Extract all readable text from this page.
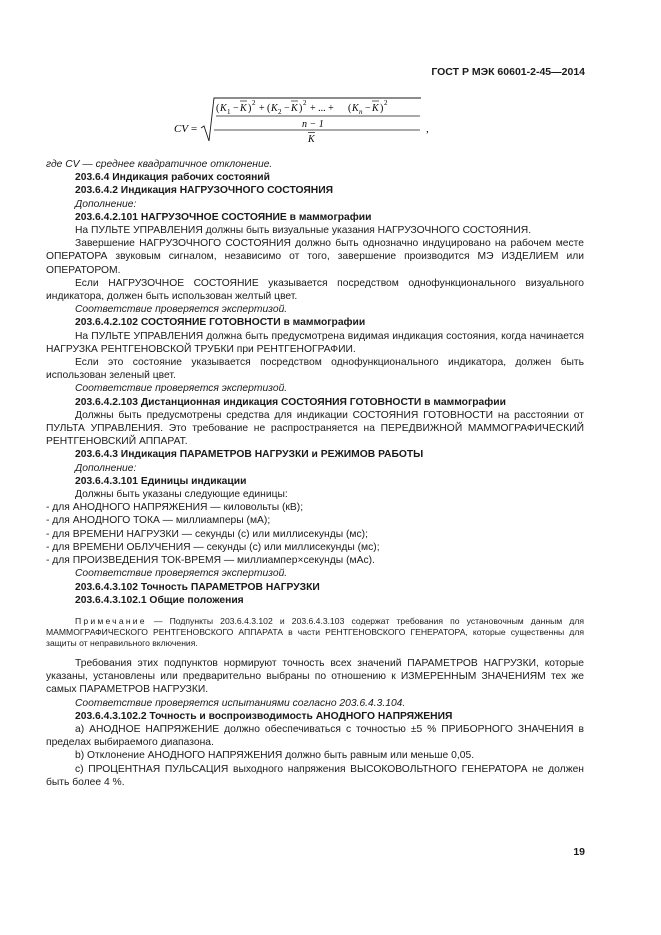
ГОСТ Р МЭК 60601-2-45—2014
CV =
( K 1 − K ) 2 + ( K 2 − K ) 2 + ... + ( K n − K ) 2
n − 1
K
,

где CV — среднее квадратичное отклонение.

203.6.4 Индикация рабочих состояний

203.6.4.2 Индикация НАГРУЗОЧНОГО СОСТОЯНИЯ

Дополнение:

203.6.4.2.101 НАГРУЗОЧНОЕ СОСТОЯНИЕ в маммографии

На ПУЛЬТЕ УПРАВЛЕНИЯ должны быть визуальные указания НАГРУЗОЧНОГО СОСТОЯНИЯ.

Завершение НАГРУЗОЧНОГО СОСТОЯНИЯ должно быть однозначно индуцировано на рабочем месте ОПЕРАТОРА звуковым сигналом, независимо от того, завершение производится МЭ ИЗДЕЛИЕМ или ОПЕРАТОРОМ.

Если НАГРУЗОЧНОЕ СОСТОЯНИЕ указывается посредством однофункционального визуального индикатора, должен быть использован желтый цвет.

Соответствие проверяется экспертизой.

203.6.4.2.102 СОСТОЯНИЕ ГОТОВНОСТИ в маммографии

На ПУЛЬТЕ УПРАВЛЕНИЯ должна быть предусмотрена видимая индикация состояния, когда начинается НАГРУЗКА РЕНТГЕНОВСКОЙ ТРУБКИ при РЕНТГЕНОГРАФИИ.

Если это состояние указывается посредством однофункционального индикатора, должен быть использован зеленый цвет.

Соответствие проверяется экспертизой.

203.6.4.2.103 Дистанционная индикация СОСТОЯНИЯ ГОТОВНОСТИ в маммографии

Должны быть предусмотрены средства для индикации СОСТОЯНИЯ ГОТОВНОСТИ на расстоянии от ПУЛЬТА УПРАВЛЕНИЯ. Это требование не распространяется на ПЕРЕДВИЖНОЙ МАММОГРАФИЧЕСКИЙ РЕНТГЕНОВСКИЙ АППАРАТ.

203.6.4.3 Индикация ПАРАМЕТРОВ НАГРУЗКИ и РЕЖИМОВ РАБОТЫ

Дополнение:

203.6.4.3.101 Единицы индикации

Должны быть указаны следующие единицы:

- для АНОДНОГО НАПРЯЖЕНИЯ — киловольты (кВ);

- для АНОДНОГО ТОКА — миллиамперы (мА);

- для ВРЕМЕНИ НАГРУЗКИ — секунды (с) или миллисекунды (мс);

- для ВРЕМЕНИ ОБЛУЧЕНИЯ — секунды (с) или миллисекунды (мс);

- для ПРОИЗВЕДЕНИЯ ТОК-ВРЕМЯ — миллиампер×секунды (мАс).

Соответствие проверяется экспертизой.

203.6.4.3.102 Точность ПАРАМЕТРОВ НАГРУЗКИ

203.6.4.3.102.1 Общие положения

Примечание — Подпункты 203.6.4.3.102 и 203.6.4.3.103 содержат требования по установочным данным для МАММОГРАФИЧЕСКОГО РЕНТГЕНОВСКОГО АППАРАТА в части РЕНТГЕНОВСКОГО ГЕНЕРАТОРА, которые существенны для защиты от неправильного включения.

Требования этих подпунктов нормируют точность всех значений ПАРАМЕТРОВ НАГРУЗКИ, которые указаны, установлены или предварительно выбраны по отношению к ИЗМЕРЕННЫМ ЗНАЧЕНИЯМ тех же самых ПАРАМЕТРОВ НАГРУЗКИ.

Соответствие проверяется испытаниями согласно 203.6.4.3.104.

203.6.4.3.102.2 Точность и воспроизводимость АНОДНОГО НАПРЯЖЕНИЯ

a) АНОДНОЕ НАПРЯЖЕНИЕ должно обеспечиваться с точностью ±5 % ПРИБОРНОГО ЗНАЧЕНИЯ в пределах выбираемого диапазона.

b) Отклонение АНОДНОГО НАПРЯЖЕНИЯ должно быть равным или меньше 0,05.

c) ПРОЦЕНТНАЯ ПУЛЬСАЦИЯ выходного напряжения ВЫСОКОВОЛЬТНОГО ГЕНЕРАТОРА не должен быть более 4 %.

19
